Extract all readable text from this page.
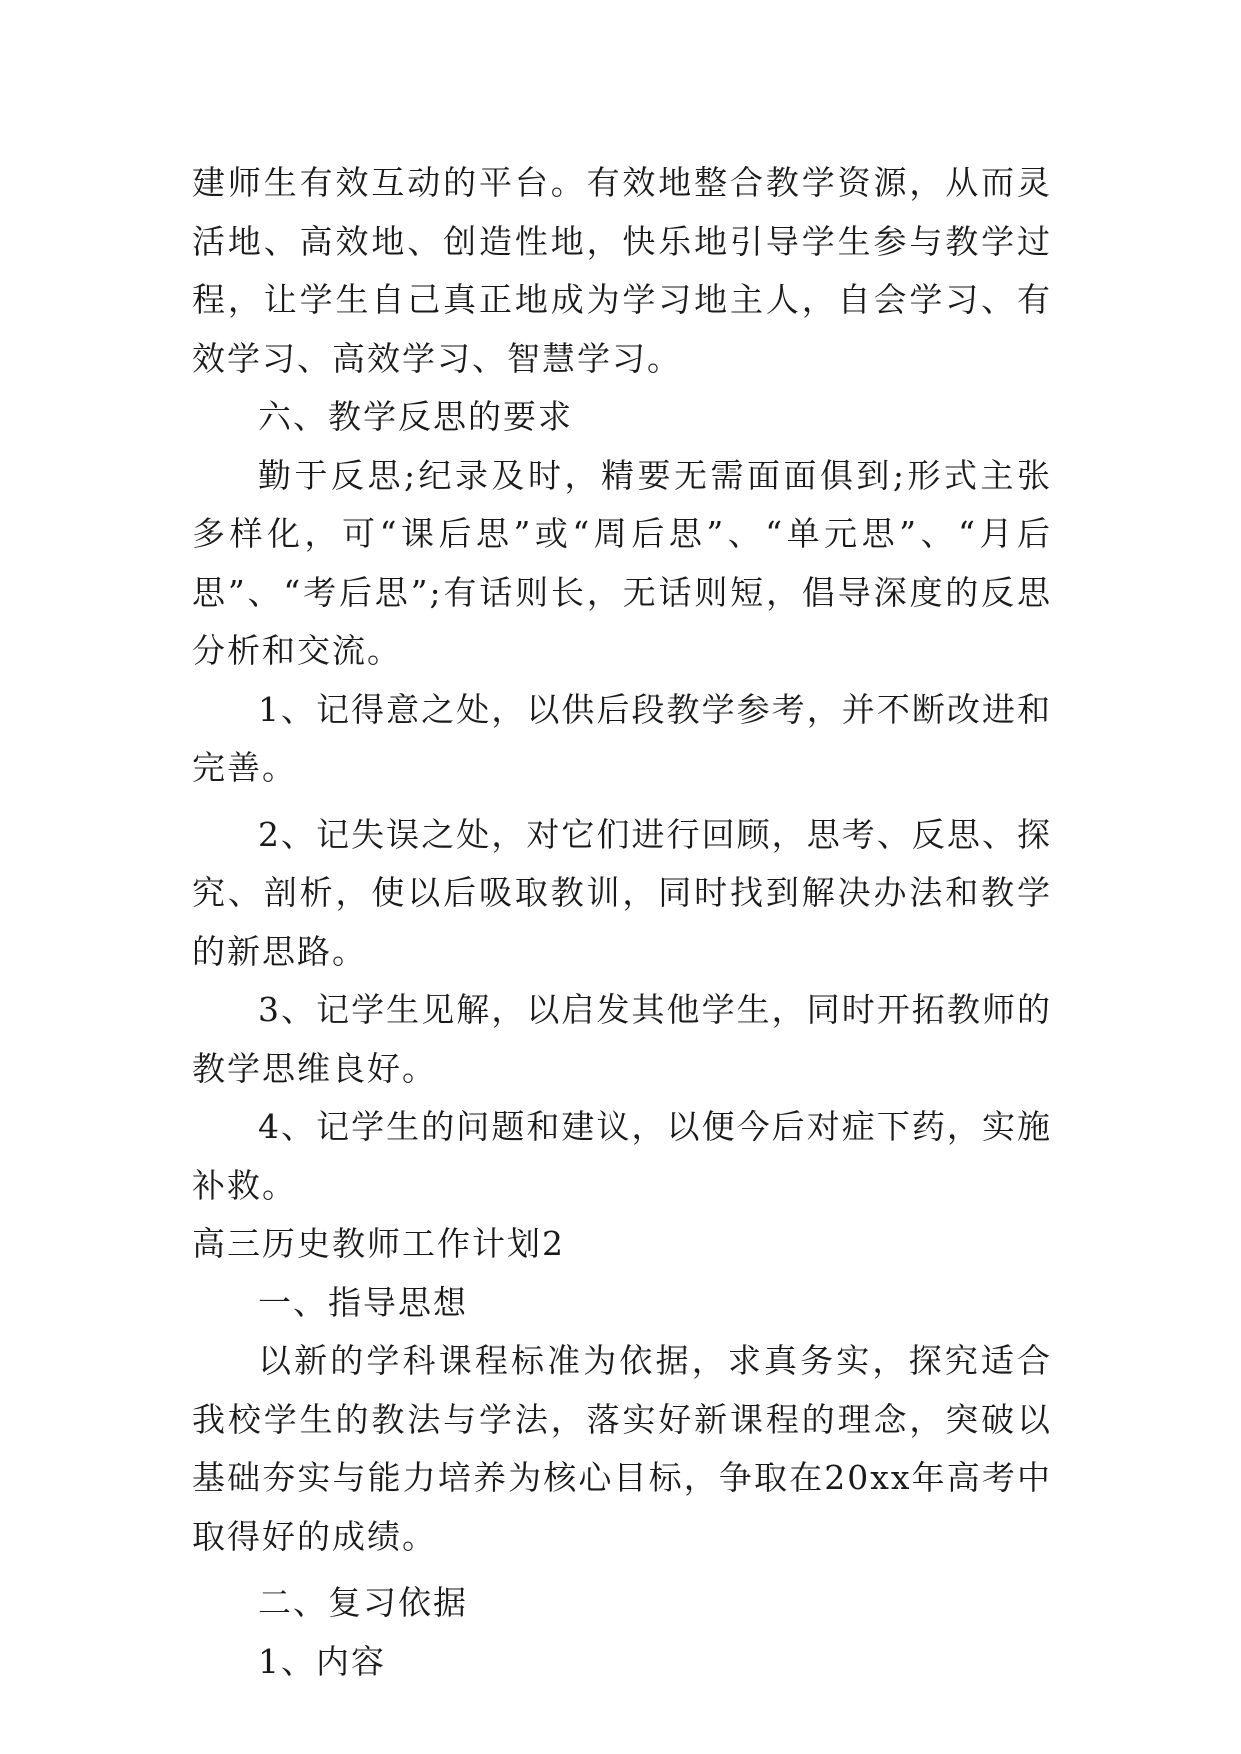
建师生有效互动的平台。有效地整合教学资源，从而灵活地、高效地、创造性地，快乐地引导学生参与教学过程，让学生自己真正地成为学习地主人，自会学习、有效学习、高效学习、智慧学习。

六、教学反思的要求

勤于反思;纪录及时，精要无需面面俱到;形式主张多样化，可“课后思”或“周后思”、“单元思”、“月后思”、“考后思”;有话则长，无话则短，倡导深度的反思分析和交流。

1、记得意之处，以供后段教学参考，并不断改进和完善。

2、记失误之处，对它们进行回顾，思考、反思、探究、剖析，使以后吸取教训，同时找到解决办法和教学的新思路。

3、记学生见解，以启发其他学生，同时开拓教师的教学思维良好。

4、记学生的问题和建议，以便今后对症下药，实施补救。

高三历史教师工作计划2

一、指导思想

以新的学科课程标准为依据，求真务实，探究适合我校学生的教法与学法，落实好新课程的理念，突破以基础夯实与能力培养为核心目标，争取在20xx年高考中取得好的成绩。

二、复习依据

1、内容
